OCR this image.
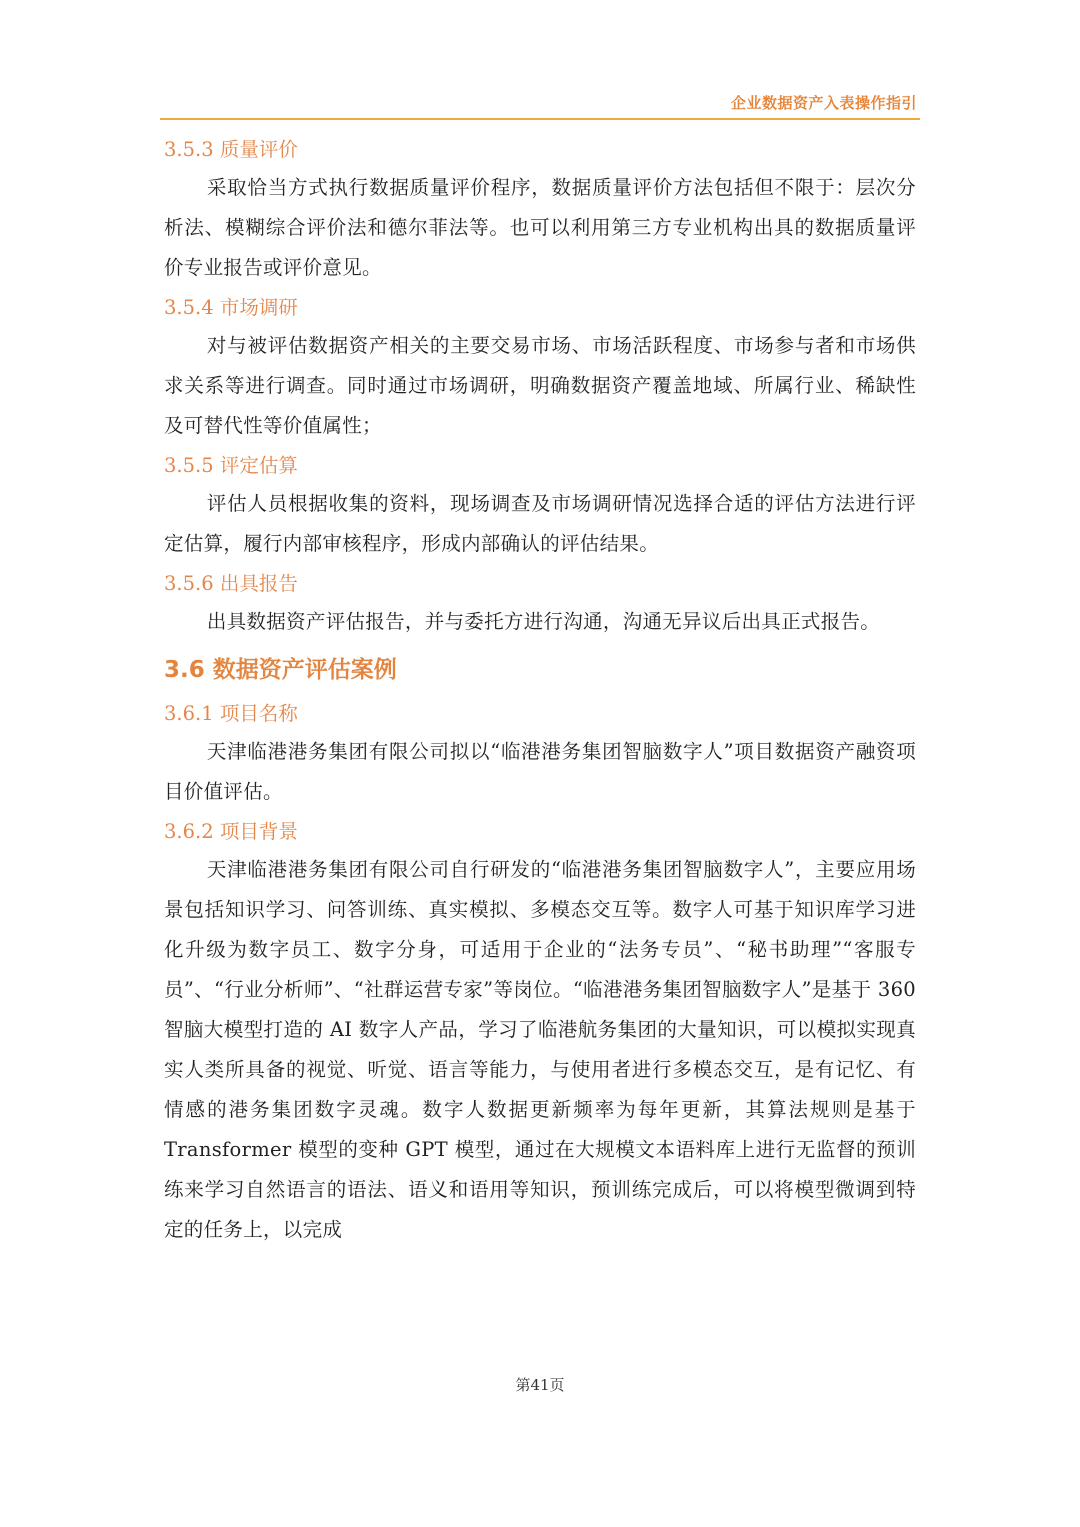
企业数据资产入表操作指引
3.5.3 质量评价

采取恰当方式执行数据质量评价程序，数据质量评价方法包括但不限于：层次分析法、模糊综合评价法和德尔菲法等。也可以利用第三方专业机构出具的数据质量评价专业报告或评价意见。

3.5.4 市场调研

对与被评估数据资产相关的主要交易市场、市场活跃程度、市场参与者和市场供求关系等进行调查。同时通过市场调研，明确数据资产覆盖地域、所属行业、稀缺性及可替代性等价值属性；

3.5.5 评定估算

评估人员根据收集的资料，现场调查及市场调研情况选择合适的评估方法进行评定估算，履行内部审核程序，形成内部确认的评估结果。

3.5.6 出具报告

出具数据资产评估报告，并与委托方进行沟通，沟通无异议后出具正式报告。

3.6 数据资产评估案例
3.6.1 项目名称

天津临港港务集团有限公司拟以“临港港务集团智脑数字人”项目数据资产融资项目价值评估。

3.6.2 项目背景

天津临港港务集团有限公司自行研发的“临港港务集团智脑数字人”，主要应用场景包括知识学习、问答训练、真实模拟、多模态交互等。数字人可基于知识库学习进化升级为数字员工、数字分身，可适用于企业的“法务专员”、“秘书助理”“客服专员”、“行业分析师”、“社群运营专家”等岗位。“临港港务集团智脑数字人”是基于 360 智脑大模型打造的 AI 数字人产品，学习了临港航务集团的大量知识，可以模拟实现真实人类所具备的视觉、听觉、语言等能力，与使用者进行多模态交互，是有记忆、有情感的港务集团数字灵魂。数字人数据更新频率为每年更新，其算法规则是基于 Transformer 模型的变种 GPT 模型，通过在大规模文本语料库上进行无监督的预训练来学习自然语言的语法、语义和语用等知识，预训练完成后，可以将模型微调到特定的任务上，以完成

第41页
